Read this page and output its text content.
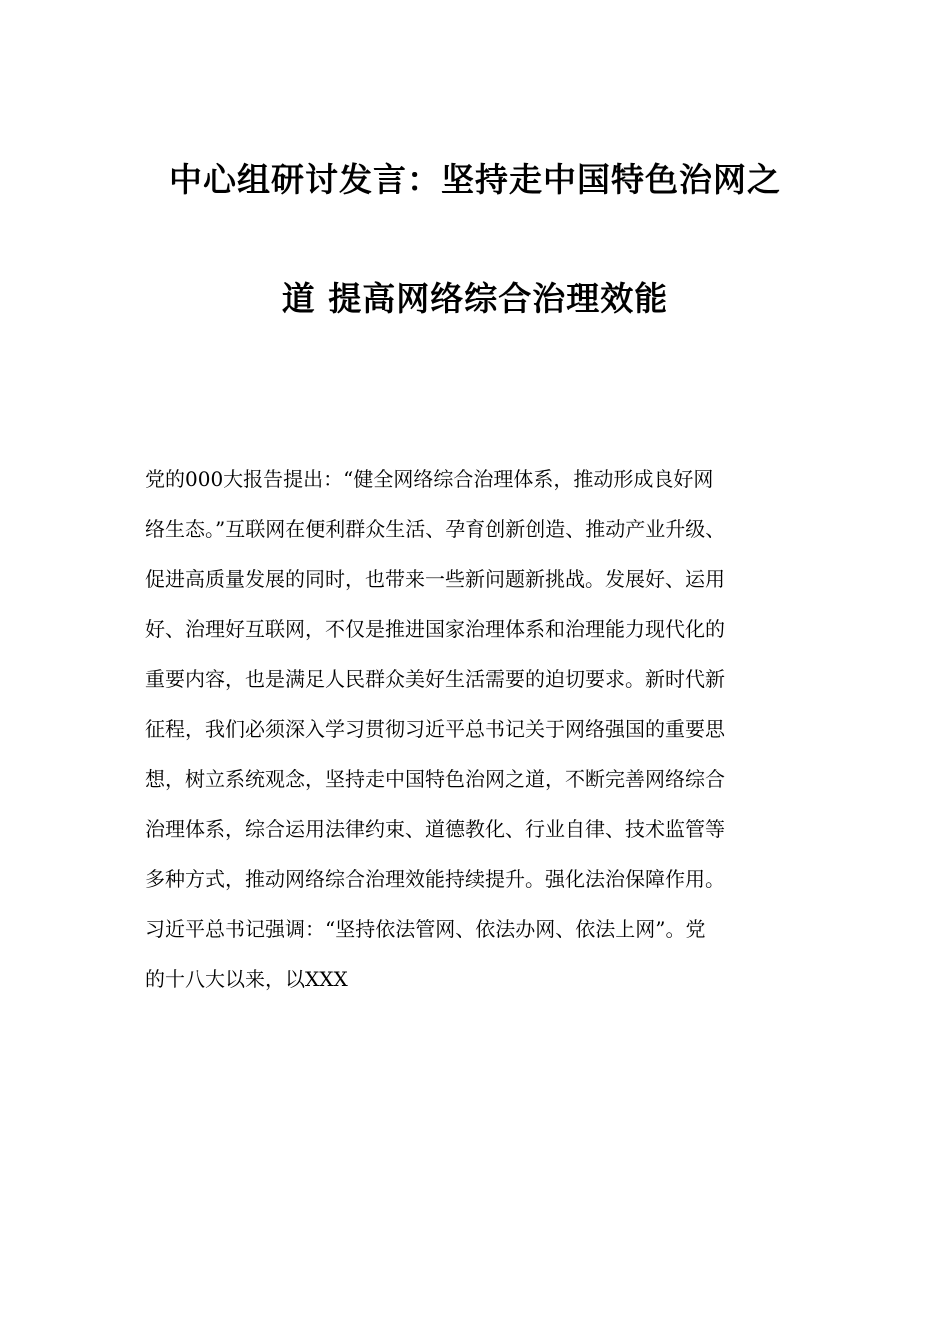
中心组研讨发言：坚持走中国特色治网之
道 提高网络综合治理效能
党的000大报告提出：“健全网络综合治理体系，推动形成良好网
络生态。”互联网在便利群众生活、孕育创新创造、推动产业升级、
促进高质量发展的同时，也带来一些新问题新挑战。发展好、运用
好、治理好互联网，不仅是推进国家治理体系和治理能力现代化的
重要内容，也是满足人民群众美好生活需要的迫切要求。新时代新
征程，我们必须深入学习贯彻习近平总书记关于网络强国的重要思
想，树立系统观念，坚持走中国特色治网之道，不断完善网络综合
治理体系，综合运用法律约束、道德教化、行业自律、技术监管等
多种方式，推动网络综合治理效能持续提升。强化法治保障作用。
习近平总书记强调：“坚持依法管网、依法办网、依法上网”。党
的十八大以来，以XXX
